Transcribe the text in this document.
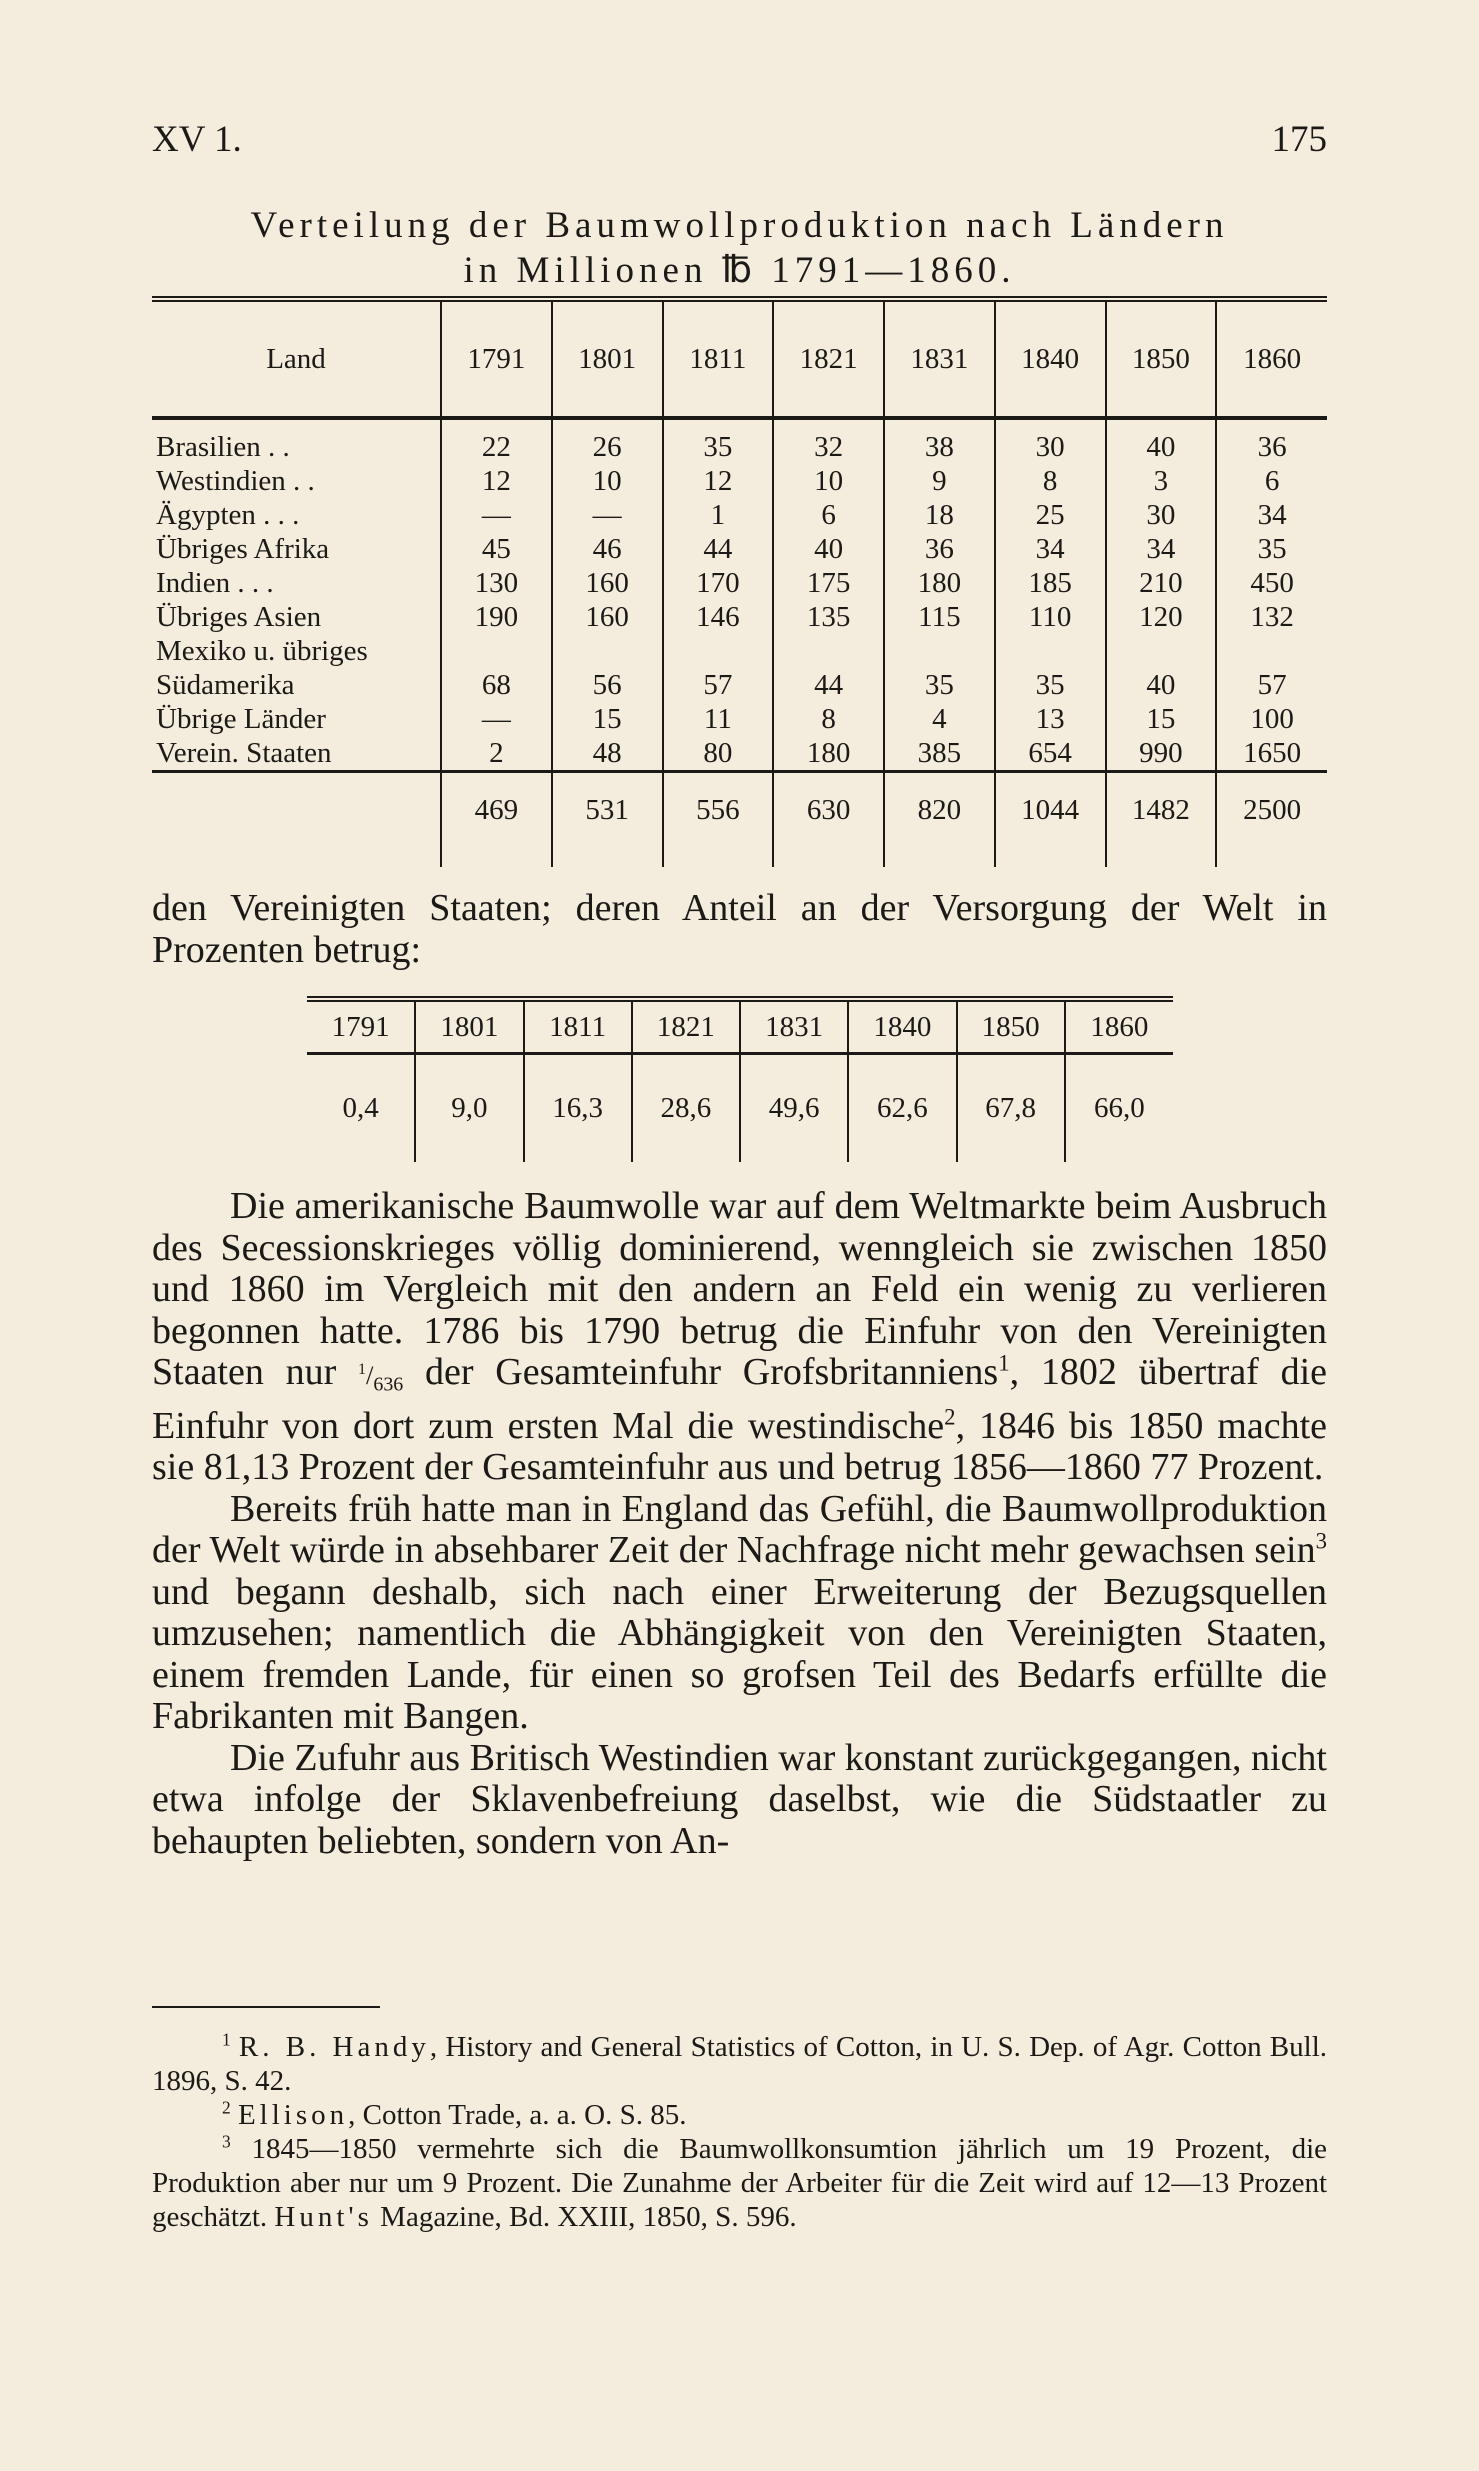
XV 1.	175
Verteilung der Baumwollproduktion nach Ländern
in Millionen ℔ 1791—1860.
Land	1791	1801	1811	1821	1831	1840	1850	1860
Brasilien . .	22	26	35	32	38	30	40	36
Westindien . .	12	10	12	10	9	8	3	6
Ägypten . . .	—	—	1	6	18	25	30	34
Übriges Afrika	45	46	44	40	36	34	34	35
Indien . . .	130	160	170	175	180	185	210	450
Übriges Asien	190	160	146	135	115	110	120	132
Mexiko u. übriges								
Südamerika	68	56	57	44	35	35	40	57
Übrige Länder	—	15	11	8	4	13	15	100
Verein. Staaten	2	48	80	180	385	654	990	1650
	469	531	556	630	820	1044	1482	2500

den Vereinigten Staaten; deren Anteil an der Versorgung der Welt in Prozenten betrug:

1791	1801	1811	1821	1831	1840	1850	1860
0,4	9,0	16,3	28,6	49,6	62,6	67,8	66,0

Die amerikanische Baumwolle war auf dem Weltmarkte beim Ausbruch des Secessionskrieges völlig dominierend, wenngleich sie zwischen 1850 und 1860 im Vergleich mit den andern an Feld ein wenig zu verlieren begonnen hatte. 1786 bis 1790 betrug die Einfuhr von den Vereinigten Staaten nur $^1/_{636}$ der Gesamteinfuhr Grofsbritanniens$^1$, 1802 übertraf die Einfuhr von dort zum ersten Mal die westindische$^2$, 1846 bis 1850 machte sie 81,13 Prozent der Gesamteinfuhr aus und betrug 1856—1860 77 Prozent.

Bereits früh hatte man in England das Gefühl, die Baumwollproduktion der Welt würde in absehbarer Zeit der Nachfrage nicht mehr gewachsen sein$^3$ und begann deshalb, sich nach einer Erweiterung der Bezugsquellen umzusehen; namentlich die Abhängigkeit von den Vereinigten Staaten, einem fremden Lande, für einen so grofsen Teil des Bedarfs erfüllte die Fabrikanten mit Bangen.

Die Zufuhr aus Britisch Westindien war konstant zurückgegangen, nicht etwa infolge der Sklavenbefreiung daselbst, wie die Südstaatler zu behaupten beliebten, sondern von An-

$^1$ R. B. Handy, History and General Statistics of Cotton, in U. S. Dep. of Agr. Cotton Bull. 1896, S. 42.

$^2$ Ellison, Cotton Trade, a. a. O. S. 85.

$^3$ 1845—1850 vermehrte sich die Baumwollkonsumtion jährlich um 19 Prozent, die Produktion aber nur um 9 Prozent. Die Zunahme der Arbeiter für die Zeit wird auf 12—13 Prozent geschätzt. Hunt's Magazine, Bd. XXIII, 1850, S. 596.
